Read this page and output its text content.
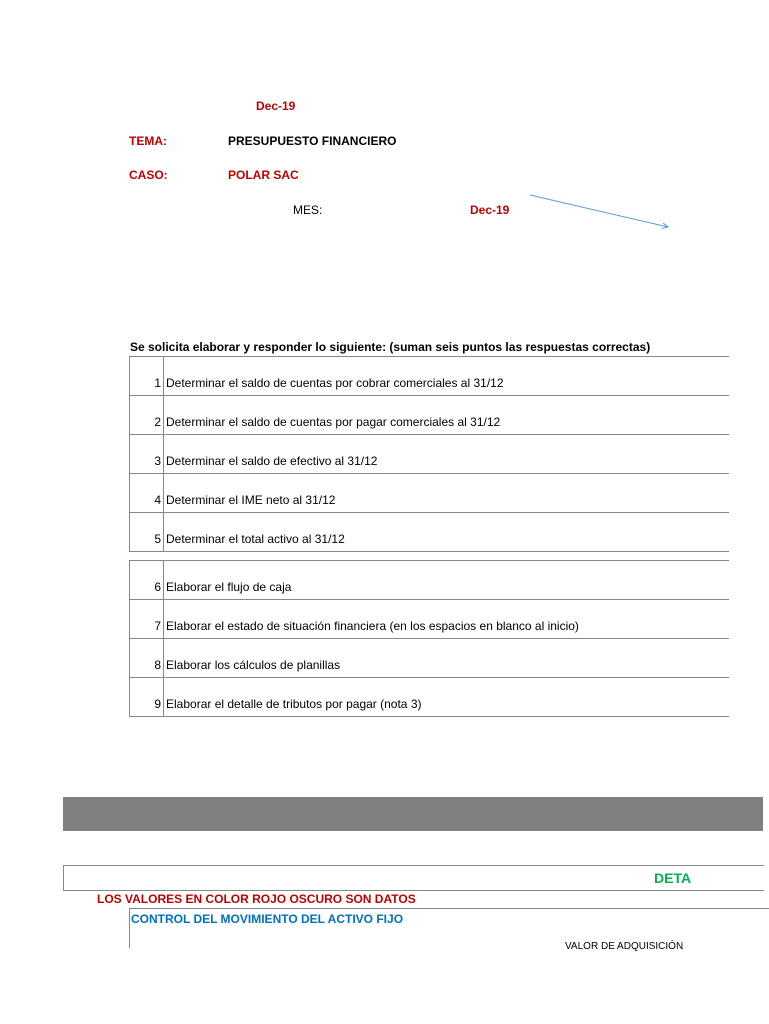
Dec-19
TEMA:	PRESUPUESTO FINANCIERO
CASO:	POLAR SAC
MES:	Dec-19
Se solicita elaborar y responder lo siguiente: (suman seis puntos las respuestas correctas)
1	Determinar el saldo de cuentas por cobrar comerciales al 31/12
2	Determinar el saldo de cuentas por pagar comerciales al 31/12
3	Determinar el saldo de efectivo al 31/12
4	Determinar el IME neto al 31/12
5	Determinar el total activo al 31/12
6	Elaborar el flujo de caja
7	Elaborar el estado de situación financiera (en los espacios en blanco al inicio)
8	Elaborar los cálculos de planillas
9	Elaborar el detalle de tributos por pagar (nota 3)
DETA
LOS VALORES EN COLOR ROJO OSCURO SON DATOS
CONTROL DEL MOVIMIENTO DEL ACTIVO FIJO
VALOR DE ADQUISICIÓN
